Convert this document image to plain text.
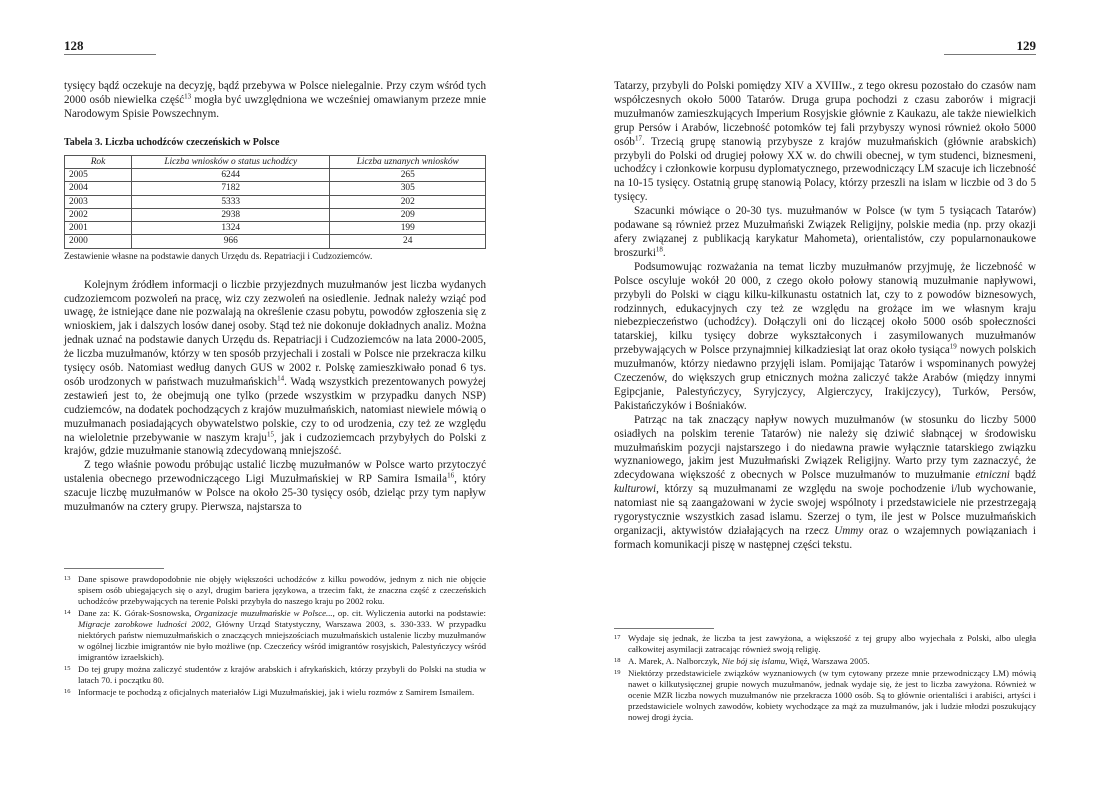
128

tysięcy bądź oczekuje na decyzję, bądź przebywa w Polsce nielegalnie. Przy czym wśród tych 2000 osób niewielka część$^{13}$ mogła być uwzględniona we wcześniej omawianym przeze mnie Narodowym Spisie Powszechnym.

Tabela 3. Liczba uchodźców czeczeńskich w Polsce
Rok	Liczba wniosków o status uchodźcy	Liczba uznanych wniosków
2005	6244	265
2004	7182	305
2003	5333	202
2002	2938	209
2001	1324	199
2000	966	24
Zestawienie własne na podstawie danych Urzędu ds. Repatriacji i Cudzoziemców.

Kolejnym źródłem informacji o liczbie przyjezdnych muzułmanów jest liczba wydanych cudzoziemcom pozwoleń na pracę, wiz czy zezwoleń na osiedlenie. Jednak należy wziąć pod uwagę, że istniejące dane nie pozwalają na określenie czasu pobytu, powodów zgłoszenia się z wnioskiem, jak i dalszych losów danej osoby. Stąd też nie dokonuje dokładnych analiz. Można jednak uznać na podstawie danych Urzędu ds. Repatriacji i Cudzoziemców na lata 2000-2005, że liczba muzułmanów, którzy w ten sposób przyjechali i zostali w Polsce nie przekracza kilku tysięcy osób. Natomiast według danych GUS w 2002 r. Polskę zamieszkiwało ponad 6 tys. osób urodzonych w państwach muzułmańskich$^{14}$. Wadą wszystkich prezentowanych powyżej zestawień jest to, że obejmują one tylko (przede wszystkim w przypadku danych NSP) cudziemców, na dodatek pochodzących z krajów muzułmańskich, natomiast niewiele mówią o muzułmanach posiadających obywatelstwo polskie, czy to od urodzenia, czy też ze względu na wieloletnie przebywanie w naszym kraju$^{15}$, jak i cudzoziemcach przybyłych do Polski z krajów, gdzie muzułmanie stanowią zdecydowaną mniejszość.

Z tego właśnie powodu próbując ustalić liczbę muzułmanów w Polsce warto przytoczyć ustalenia obecnego przewodniczącego Ligi Muzułmańskiej w RP Samira Ismaila$^{16}$, który szacuje liczbę muzułmanów w Polsce na około 25-30 tysięcy osób, dzieląc przy tym napływ muzułmanów na cztery grupy. Pierwsza, najstarsza to

13 Dane spisowe prawdopodobnie nie objęły większości uchodźców z kilku powodów, jednym z nich nie objęcie spisem osób ubiegających się o azyl, drugim bariera językowa, a trzecim fakt, że znaczna część z czeczeńskich uchodźców przebywających na terenie Polski przybyła do naszego kraju po 2002 roku.
14 Dane za: K. Górak-Sosnowska, Organizacje muzułmańskie w Polsce..., op. cit. Wyliczenia autorki na podstawie: Migracje zarobkowe ludności 2002, Główny Urząd Statystyczny, Warszawa 2003, s. 330-333. W przypadku niektórych państw niemuzułmańskich o znaczących mniejszościach muzułmańskich ustalenie liczby muzułmanów w ogólnej liczbie imigrantów nie było możliwe (np. Czeczeńcy wśród imigrantów rosyjskich, Palestyńczycy wśród imigrantów izraelskich).
15 Do tej grupy można zaliczyć studentów z krajów arabskich i afrykańskich, którzy przybyli do Polski na studia w latach 70. i początku 80.
16 Informacje te pochodzą z oficjalnych materiałów Ligi Muzułmańskiej, jak i wielu rozmów z Samirem Ismailem.
129

Tatarzy, przybyli do Polski pomiędzy XIV a XVIIIw., z tego okresu pozostało do czasów nam współczesnych około 5000 Tatarów. Druga grupa pochodzi z czasu zaborów i migracji muzułmanów zamieszkujących Imperium Rosyjskie głównie z Kaukazu, ale także niewielkich grup Persów i Arabów, liczebność potomków tej fali przybyszy wynosi również około 5000 osób$^{17}$. Trzecią grupę stanowią przybysze z krajów muzułmańskich (głównie arabskich) przybyli do Polski od drugiej połowy XX w. do chwili obecnej, w tym studenci, biznesmeni, uchodźcy i członkowie korpusu dyplomatycznego, przewodniczący LM szacuje ich liczebność na 10-15 tysięcy. Ostatnią grupę stanowią Polacy, którzy przeszli na islam w liczbie od 3 do 5 tysięcy.

Szacunki mówiące o 20-30 tys. muzułmanów w Polsce (w tym 5 tysiącach Tatarów) podawane są również przez Muzułmański Związek Religijny, polskie media (np. przy okazji afery związanej z publikacją karykatur Mahometa), orientalistów, czy popularnonaukowe broszurki$^{18}$.

Podsumowując rozważania na temat liczby muzułmanów przyjmuję, że liczebność w Polsce oscyluje wokół 20 000, z czego około połowy stanowią muzułmanie napływowi, przybyli do Polski w ciągu kilku-kilkunastu ostatnich lat, czy to z powodów biznesowych, rodzinnych, edukacyjnych czy też ze względu na grożące im we własnym kraju niebezpieczeństwo (uchodźcy). Dołączyli oni do liczącej około 5000 osób społeczności tatarskiej, kilku tysięcy dobrze wykształconych i zasymilowanych muzułmanów przebywających w Polsce przynajmniej kilkadziesiąt lat oraz około tysiąca$^{19}$ nowych polskich muzułmanów, którzy niedawno przyjęli islam. Pomijając Tatarów i wspominanych powyżej Czeczenów, do większych grup etnicznych można zaliczyć także Arabów (między innymi Egipcjanie, Palestyńczycy, Syryjczycy, Algierczycy, Irakijczycy), Turków, Persów, Pakistańczyków i Bośniaków.

Patrząc na tak znaczący napływ nowych muzułmanów (w stosunku do liczby 5000 osiadłych na polskim terenie Tatarów) nie należy się dziwić słabnącej w środowisku muzułmańskim pozycji najstarszego i do niedawna prawie wyłącznie tatarskiego związku wyznaniowego, jakim jest Muzułmański Związek Religijny. Warto przy tym zaznaczyć, że zdecydowana większość z obecnych w Polsce muzułmanów to muzułmanie etniczni bądź kulturowi, którzy są muzułmanami ze względu na swoje pochodzenie i/lub wychowanie, natomiast nie są zaangażowani w życie swojej wspólnoty i przedstawiciele nie przestrzegają rygorystycznie wszystkich zasad islamu. Szerzej o tym, ile jest w Polsce muzułmańskich organizacji, aktywistów działających na rzecz Ummy oraz o wzajemnych powiązaniach i formach komunikacji piszę w następnej części tekstu.

17 Wydaje się jednak, że liczba ta jest zawyżona, a większość z tej grupy albo wyjechała z Polski, albo uległa całkowitej asymilacji zatracając również swoją religię.
18 A. Marek, A. Nalborczyk, Nie bój się islamu, Więź, Warszawa 2005.
19 Niektórzy przedstawiciele związków wyznaniowych (w tym cytowany przeze mnie przewodniczący LM) mówią nawet o kilkutysięcznej grupie nowych muzułmanów, jednak wydaje się, że jest to liczba zawyżona. Również w ocenie MZR liczba nowych muzułmanów nie przekracza 1000 osób. Są to głównie orientaliści i arabiści, artyści i przedstawiciele wolnych zawodów, kobiety wychodzące za mąż za muzułmanów, jak i ludzie młodzi poszukujący nowej drogi życia.
